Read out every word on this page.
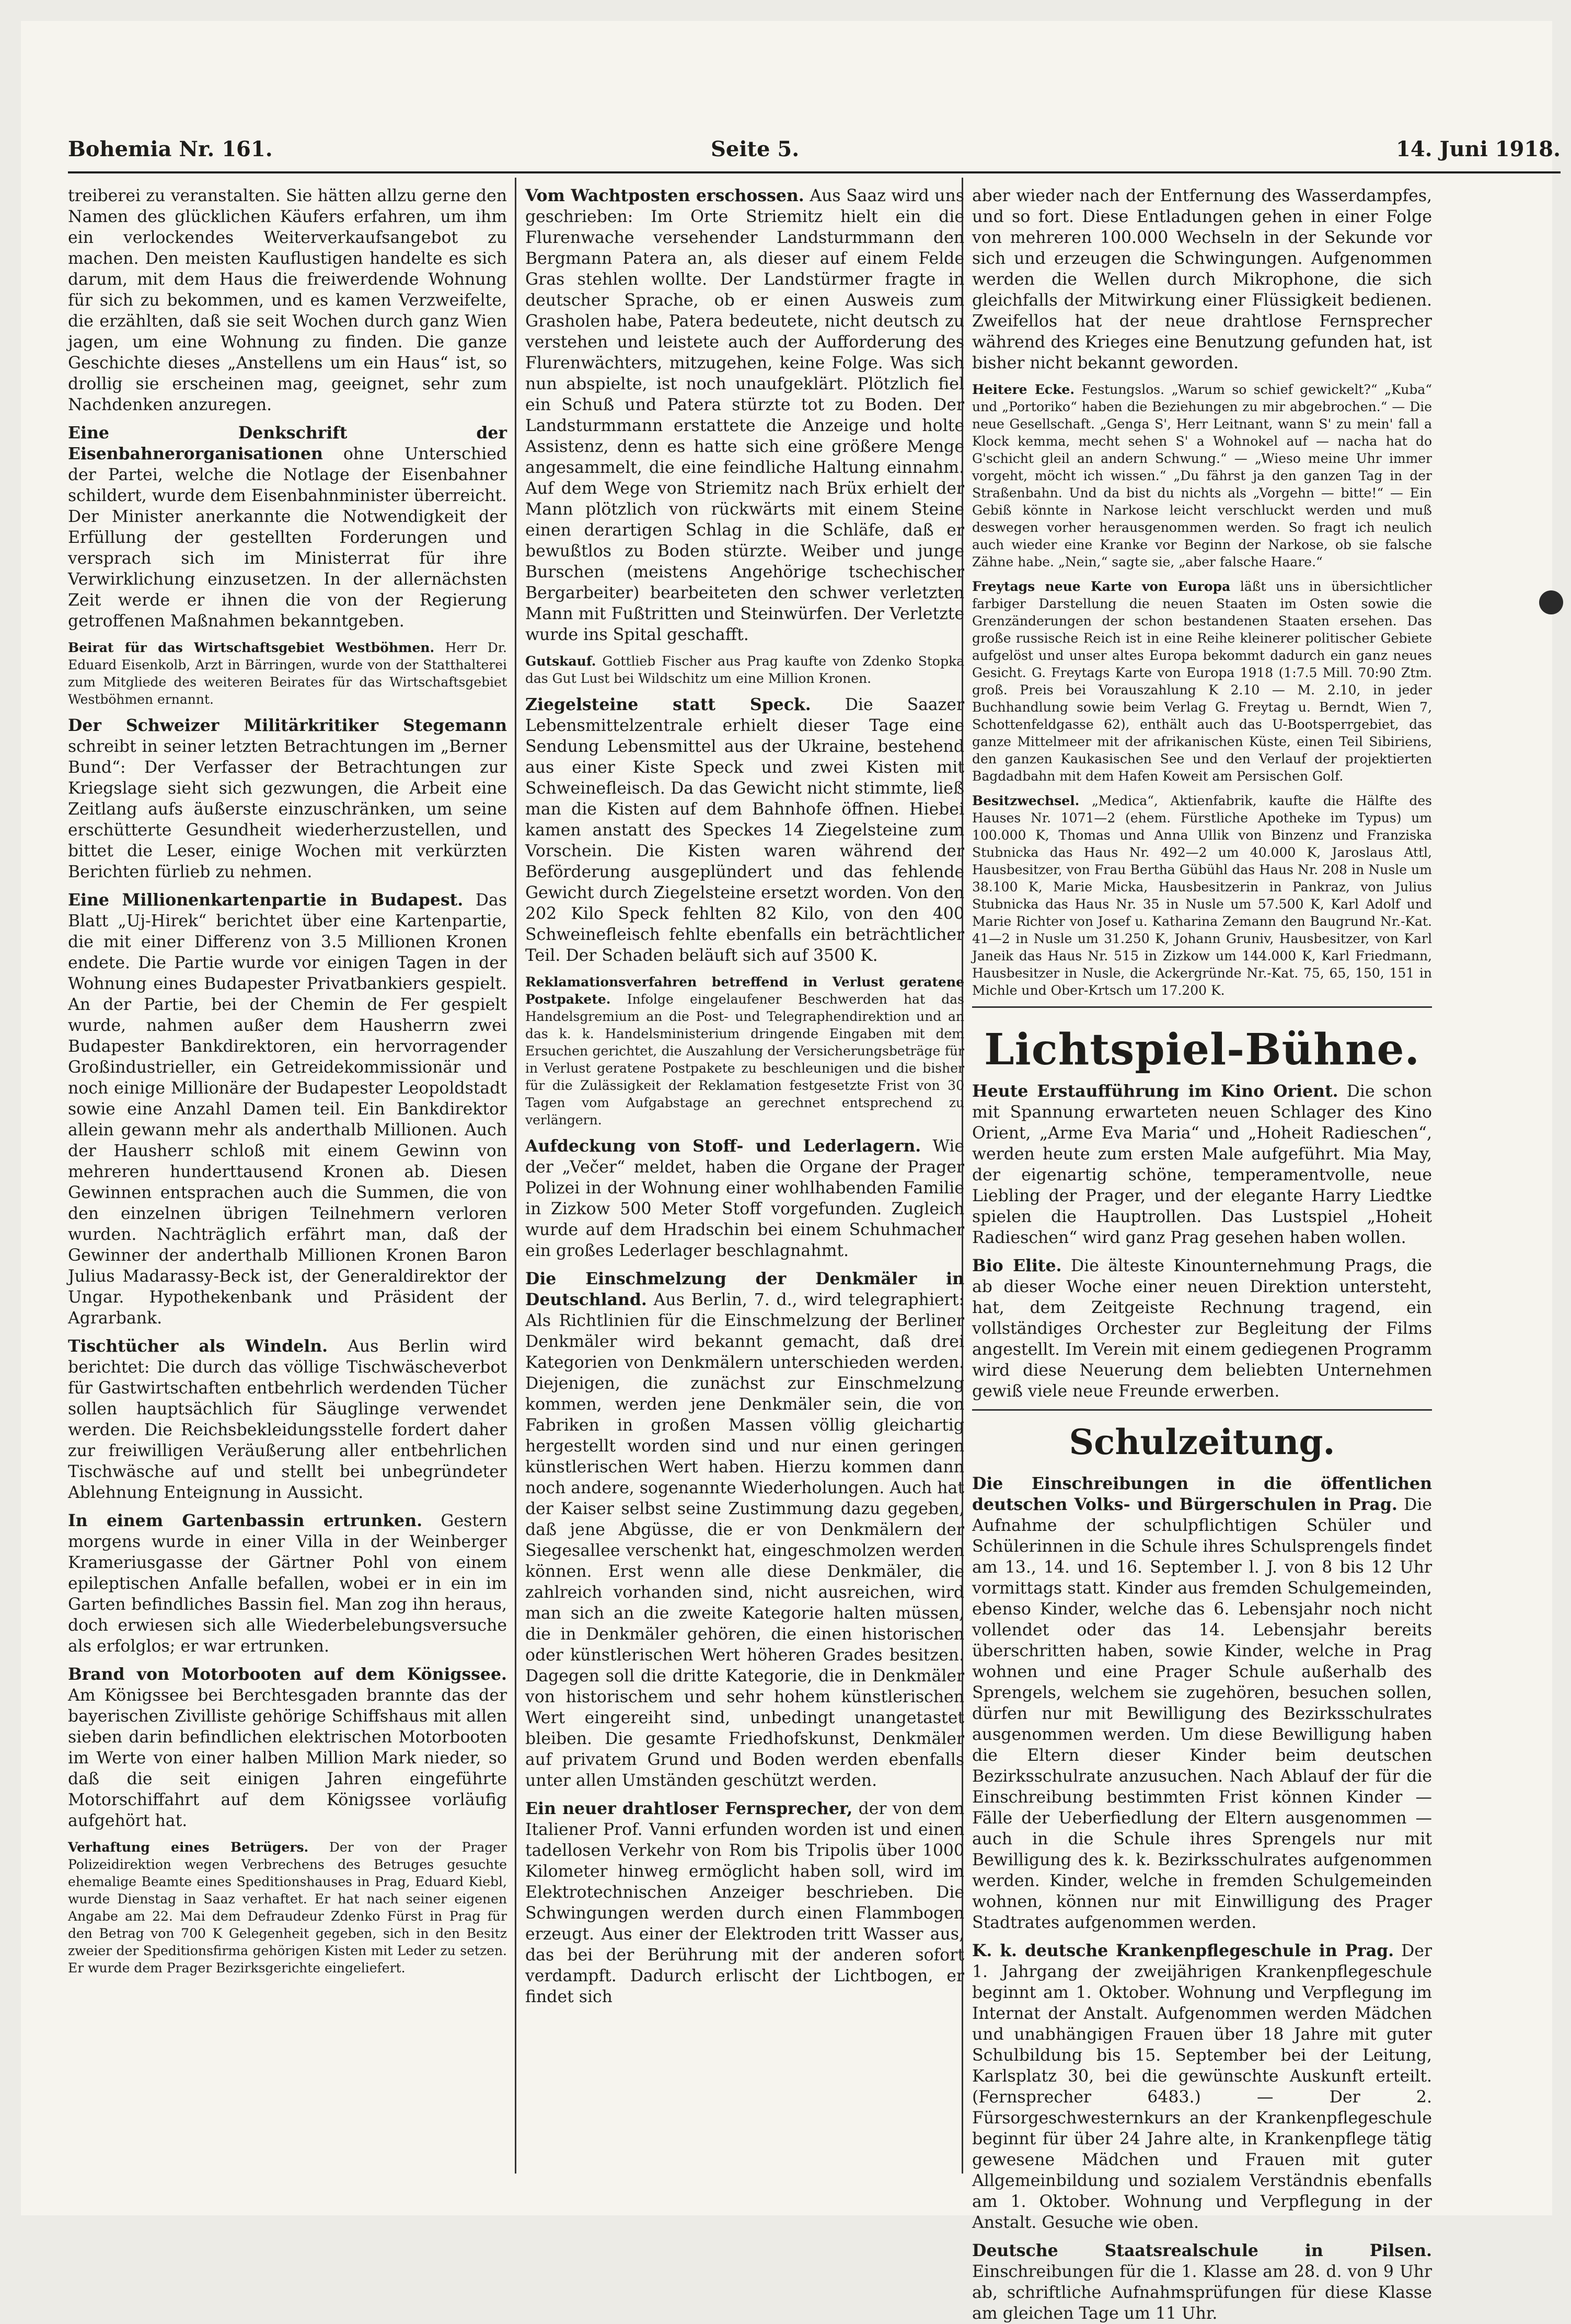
Bohemia Nr. 161.	Seite 5.	14. Juni 1918.

treiberei zu veranstalten. Sie hätten allzu gerne den Namen des glücklichen Käufers erfahren, um ihm ein verlockendes Weiterverkaufsangebot zu machen. Den meisten Kauflustigen handelte es sich darum, mit dem Haus die freiwerdende Wohnung für sich zu bekommen, und es kamen Verzweifelte, die erzählten, daß sie seit Wochen durch ganz Wien jagen, um eine Wohnung zu finden. Die ganze Geschichte dieses „Anstellens um ein Haus“ ist, so drollig sie erscheinen mag, geeignet, sehr zum Nachdenken anzuregen.

Eine Denkschrift der Eisenbahnerorganisationen ohne Unterschied der Partei, welche die Notlage der Eisenbahner schildert, wurde dem Eisenbahnminister überreicht. Der Minister anerkannte die Notwendigkeit der Erfüllung der gestellten Forderungen und versprach sich im Ministerrat für ihre Verwirklichung einzusetzen. In der allernächsten Zeit werde er ihnen die von der Regierung getroffenen Maßnahmen bekanntgeben.

Beirat für das Wirtschaftsgebiet Westböhmen. Herr Dr. Eduard Eisenkolb, Arzt in Bärringen, wurde von der Statthalterei zum Mitgliede des weiteren Beirates für das Wirtschaftsgebiet Westböhmen ernannt.

Der Schweizer Militärkritiker Stegemann schreibt in seiner letzten Betrachtungen im „Berner Bund“: Der Verfasser der Betrachtungen zur Kriegslage sieht sich gezwungen, die Arbeit eine Zeitlang aufs äußerste einzuschränken, um seine erschütterte Gesundheit wiederherzustellen, und bittet die Leser, einige Wochen mit verkürzten Berichten fürlieb zu nehmen.

Eine Millionenkartenpartie in Budapest. Das Blatt „Uj-Hirek“ berichtet über eine Kartenpartie, die mit einer Differenz von 3.5 Millionen Kronen endete. Die Partie wurde vor einigen Tagen in der Wohnung eines Budapester Privatbankiers gespielt. An der Partie, bei der Chemin de Fer gespielt wurde, nahmen außer dem Hausherrn zwei Budapester Bankdirektoren, ein hervorragender Großindustrieller, ein Getreidekommissionär und noch einige Millionäre der Budapester Leopoldstadt sowie eine Anzahl Damen teil. Ein Bankdirektor allein gewann mehr als anderthalb Millionen. Auch der Hausherr schloß mit einem Gewinn von mehreren hunderttausend Kronen ab. Diesen Gewinnen entsprachen auch die Summen, die von den einzelnen übrigen Teilnehmern verloren wurden. Nachträglich erfährt man, daß der Gewinner der anderthalb Millionen Kronen Baron Julius Madarassy-Beck ist, der Generaldirektor der Ungar. Hypothekenbank und Präsident der Agrarbank.

Tischtücher als Windeln. Aus Berlin wird berichtet: Die durch das völlige Tischwäscheverbot für Gastwirtschaften entbehrlich werdenden Tücher sollen hauptsächlich für Säuglinge verwendet werden. Die Reichsbekleidungsstelle fordert daher zur freiwilligen Veräußerung aller entbehrlichen Tischwäsche auf und stellt bei unbegründeter Ablehnung Enteignung in Aussicht.

In einem Gartenbassin ertrunken. Gestern morgens wurde in einer Villa in der Weinberger Krameriusgasse der Gärtner Pohl von einem epileptischen Anfalle befallen, wobei er in ein im Garten befindliches Bassin fiel. Man zog ihn heraus, doch erwiesen sich alle Wiederbelebungsversuche als erfolglos; er war ertrunken.

Brand von Motorbooten auf dem Königssee. Am Königssee bei Berchtesgaden brannte das der bayerischen Zivilliste gehörige Schiffshaus mit allen sieben darin befindlichen elektrischen Motorbooten im Werte von einer halben Million Mark nieder, so daß die seit einigen Jahren eingeführte Motorschiffahrt auf dem Königssee vorläufig aufgehört hat.

Verhaftung eines Betrügers. Der von der Prager Polizeidirektion wegen Verbrechens des Betruges gesuchte ehemalige Beamte eines Speditionshauses in Prag, Eduard Kiebl, wurde Dienstag in Saaz verhaftet. Er hat nach seiner eigenen Angabe am 22. Mai dem Defraudeur Zdenko Fürst in Prag für den Betrag von 700 K Gelegenheit gegeben, sich in den Besitz zweier der Speditionsfirma gehörigen Kisten mit Leder zu setzen. Er wurde dem Prager Bezirksgerichte eingeliefert.

Vom Wachtposten erschossen. Aus Saaz wird uns geschrieben: Im Orte Striemitz hielt ein die Flurenwache versehender Landsturmmann den Bergmann Patera an, als dieser auf einem Felde Gras stehlen wollte. Der Landstürmer fragte in deutscher Sprache, ob er einen Ausweis zum Grasholen habe, Patera bedeutete, nicht deutsch zu verstehen und leistete auch der Aufforderung des Flurenwächters, mitzugehen, keine Folge. Was sich nun abspielte, ist noch unaufgeklärt. Plötzlich fiel ein Schuß und Patera stürzte tot zu Boden. Der Landsturmmann erstattete die Anzeige und holte Assistenz, denn es hatte sich eine größere Menge angesammelt, die eine feindliche Haltung einnahm. Auf dem Wege von Striemitz nach Brüx erhielt der Mann plötzlich von rückwärts mit einem Steine einen derartigen Schlag in die Schläfe, daß er bewußtlos zu Boden stürzte. Weiber und junge Burschen (meistens Angehörige tschechischer Bergarbeiter) bearbeiteten den schwer verletzten Mann mit Fußtritten und Steinwürfen. Der Verletzte wurde ins Spital geschafft.

Gutskauf. Gottlieb Fischer aus Prag kaufte von Zdenko Stopka das Gut Lust bei Wildschitz um eine Million Kronen.

Ziegelsteine statt Speck. Die Saazer Lebensmittelzentrale erhielt dieser Tage eine Sendung Lebensmittel aus der Ukraine, bestehend aus einer Kiste Speck und zwei Kisten mit Schweinefleisch. Da das Gewicht nicht stimmte, ließ man die Kisten auf dem Bahnhofe öffnen. Hiebei kamen anstatt des Speckes 14 Ziegelsteine zum Vorschein. Die Kisten waren während der Beförderung ausgeplündert und das fehlende Gewicht durch Ziegelsteine ersetzt worden. Von den 202 Kilo Speck fehlten 82 Kilo, von den 400 Schweinefleisch fehlte ebenfalls ein beträchtlicher Teil. Der Schaden beläuft sich auf 3500 K.

Reklamationsverfahren betreffend in Verlust geratene Postpakete. Infolge eingelaufener Beschwerden hat das Handelsgremium an die Post- und Telegraphendirektion und an das k. k. Handelsministerium dringende Eingaben mit dem Ersuchen gerichtet, die Auszahlung der Versicherungsbeträge für in Verlust geratene Postpakete zu beschleunigen und die bisher für die Zulässigkeit der Reklamation festgesetzte Frist von 30 Tagen vom Aufgabstage an gerechnet entsprechend zu verlängern.

Aufdeckung von Stoff- und Lederlagern. Wie der „Večer“ meldet, haben die Organe der Prager Polizei in der Wohnung einer wohlhabenden Familie in Zizkow 500 Meter Stoff vorgefunden. Zugleich wurde auf dem Hradschin bei einem Schuhmacher ein großes Lederlager beschlagnahmt.

Die Einschmelzung der Denkmäler in Deutschland. Aus Berlin, 7. d., wird telegraphiert: Als Richtlinien für die Einschmelzung der Berliner Denkmäler wird bekannt gemacht, daß drei Kategorien von Denkmälern unterschieden werden. Diejenigen, die zunächst zur Einschmelzung kommen, werden jene Denkmäler sein, die von Fabriken in großen Massen völlig gleichartig hergestellt worden sind und nur einen geringen künstlerischen Wert haben. Hierzu kommen dann noch andere, sogenannte Wiederholungen. Auch hat der Kaiser selbst seine Zustimmung dazu gegeben, daß jene Abgüsse, die er von Denkmälern der Siegesallee verschenkt hat, eingeschmolzen werden können. Erst wenn alle diese Denkmäler, die zahlreich vorhanden sind, nicht ausreichen, wird man sich an die zweite Kategorie halten müssen, die in Denkmäler gehören, die einen historischen oder künstlerischen Wert höheren Grades besitzen. Dagegen soll die dritte Kategorie, die in Denkmäler von historischem und sehr hohem künstlerischen Wert eingereiht sind, unbedingt unangetastet bleiben. Die gesamte Friedhofskunst, Denkmäler auf privatem Grund und Boden werden ebenfalls unter allen Umständen geschützt werden.

Ein neuer drahtloser Fernsprecher, der von dem Italiener Prof. Vanni erfunden worden ist und einen tadellosen Verkehr von Rom bis Tripolis über 1000 Kilometer hinweg ermöglicht haben soll, wird im Elektrotechnischen Anzeiger beschrieben. Die Schwingungen werden durch einen Flammbogen erzeugt. Aus einer der Elektroden tritt Wasser aus, das bei der Berührung mit der anderen sofort verdampft. Dadurch erlischt der Lichtbogen, er findet sich

aber wieder nach der Entfernung des Wasserdampfes, und so fort. Diese Entladungen gehen in einer Folge von mehreren 100.000 Wechseln in der Sekunde vor sich und erzeugen die Schwingungen. Aufgenommen werden die Wellen durch Mikrophone, die sich gleichfalls der Mitwirkung einer Flüssigkeit bedienen. Zweifellos hat der neue drahtlose Fernsprecher während des Krieges eine Benutzung gefunden hat, ist bisher nicht bekannt geworden.

Heitere Ecke. Festungslos. „Warum so schief gewickelt?“ „Kuba“ und „Portoriko“ haben die Beziehungen zu mir abgebrochen.“ — Die neue Gesellschaft. „Genga S', Herr Leitnant, wann S' zu mein' fall a Klock kemma, mecht sehen S' a Wohnokel auf — nacha hat do G'schicht gleil an andern Schwung.“ — „Wieso meine Uhr immer vorgeht, möcht ich wissen.“ „Du fährst ja den ganzen Tag in der Straßenbahn. Und da bist du nichts als „Vorgehn — bitte!“ — Ein Gebiß könnte in Narkose leicht verschluckt werden und muß deswegen vorher herausgenommen werden. So fragt ich neulich auch wieder eine Kranke vor Beginn der Narkose, ob sie falsche Zähne habe. „Nein,“ sagte sie, „aber falsche Haare.“

Freytags neue Karte von Europa läßt uns in übersichtlicher farbiger Darstellung die neuen Staaten im Osten sowie die Grenzänderungen der schon bestandenen Staaten ersehen. Das große russische Reich ist in eine Reihe kleinerer politischer Gebiete aufgelöst und unser altes Europa bekommt dadurch ein ganz neues Gesicht. G. Freytags Karte von Europa 1918 (1:7.5 Mill. 70:90 Ztm. groß. Preis bei Vorauszahlung K 2.10 — M. 2.10, in jeder Buchhandlung sowie beim Verlag G. Freytag u. Berndt, Wien 7, Schottenfeldgasse 62), enthält auch das U-Bootsperrgebiet, das ganze Mittelmeer mit der afrikanischen Küste, einen Teil Sibiriens, den ganzen Kaukasischen See und den Verlauf der projektierten Bagdadbahn mit dem Hafen Koweit am Persischen Golf.

Besitzwechsel. „Medica“, Aktienfabrik, kaufte die Hälfte des Hauses Nr. 1071—2 (ehem. Fürstliche Apotheke im Typus) um 100.000 K, Thomas und Anna Ullik von Binzenz und Franziska Stubnicka das Haus Nr. 492—2 um 40.000 K, Jaroslaus Attl, Hausbesitzer, von Frau Bertha Gübühl das Haus Nr. 208 in Nusle um 38.100 K, Marie Micka, Hausbesitzerin in Pankraz, von Julius Stubnicka das Haus Nr. 35 in Nusle um 57.500 K, Karl Adolf und Marie Richter von Josef u. Katharina Zemann den Baugrund Nr.-Kat. 41—2 in Nusle um 31.250 K, Johann Gruniv, Hausbesitzer, von Karl Janeik das Haus Nr. 515 in Zizkow um 144.000 K, Karl Friedmann, Hausbesitzer in Nusle, die Ackergründe Nr.-Kat. 75, 65, 150, 151 in Michle und Ober-Krtsch um 17.200 K.

Lichtspiel-Bühne.

Heute Erstaufführung im Kino Orient. Die schon mit Spannung erwarteten neuen Schlager des Kino Orient, „Arme Eva Maria“ und „Hoheit Radieschen“, werden heute zum ersten Male aufgeführt. Mia May, der eigenartig schöne, temperamentvolle, neue Liebling der Prager, und der elegante Harry Liedtke spielen die Hauptrollen. Das Lustspiel „Hoheit Radieschen“ wird ganz Prag gesehen haben wollen.

Bio Elite. Die älteste Kinounternehmung Prags, die ab dieser Woche einer neuen Direktion untersteht, hat, dem Zeitgeiste Rechnung tragend, ein vollständiges Orchester zur Begleitung der Films angestellt. Im Verein mit einem gediegenen Programm wird diese Neuerung dem beliebten Unternehmen gewiß viele neue Freunde erwerben.

Schulzeitung.

Die Einschreibungen in die öffentlichen deutschen Volks- und Bürgerschulen in Prag. Die Aufnahme der schulpflichtigen Schüler und Schülerinnen in die Schule ihres Schulsprengels findet am 13., 14. und 16. September l. J. von 8 bis 12 Uhr vormittags statt. Kinder aus fremden Schulgemeinden, ebenso Kinder, welche das 6. Lebensjahr noch nicht vollendet oder das 14. Lebensjahr bereits überschritten haben, sowie Kinder, welche in Prag wohnen und eine Prager Schule außerhalb des Sprengels, welchem sie zugehören, besuchen sollen, dürfen nur mit Bewilligung des Bezirksschulrates ausgenommen werden. Um diese Bewilligung haben die Eltern dieser Kinder beim deutschen Bezirksschulrate anzusuchen. Nach Ablauf der für die Einschreibung bestimmten Frist können Kinder — Fälle der Ueberfiedlung der Eltern ausgenommen — auch in die Schule ihres Sprengels nur mit Bewilligung des k. k. Bezirksschulrates aufgenommen werden. Kinder, welche in fremden Schulgemeinden wohnen, können nur mit Einwilligung des Prager Stadtrates aufgenommen werden.

K. k. deutsche Krankenpflegeschule in Prag. Der 1. Jahrgang der zweijährigen Krankenpflegeschule beginnt am 1. Oktober. Wohnung und Verpflegung im Internat der Anstalt. Aufgenommen werden Mädchen und unabhängigen Frauen über 18 Jahre mit guter Schulbildung bis 15. September bei der Leitung, Karlsplatz 30, bei die gewünschte Auskunft erteilt. (Fernsprecher 6483.) — Der 2. Fürsorgeschwesternkurs an der Krankenpflegeschule beginnt für über 24 Jahre alte, in Krankenpflege tätig gewesene Mädchen und Frauen mit guter Allgemeinbildung und sozialem Verständnis ebenfalls am 1. Oktober. Wohnung und Verpflegung in der Anstalt. Gesuche wie oben.

Deutsche Staatsrealschule in Pilsen. Einschreibungen für die 1. Klasse am 28. d. von 9 Uhr ab, schriftliche Aufnahmsprüfungen für diese Klasse am gleichen Tage um 11 Uhr.
